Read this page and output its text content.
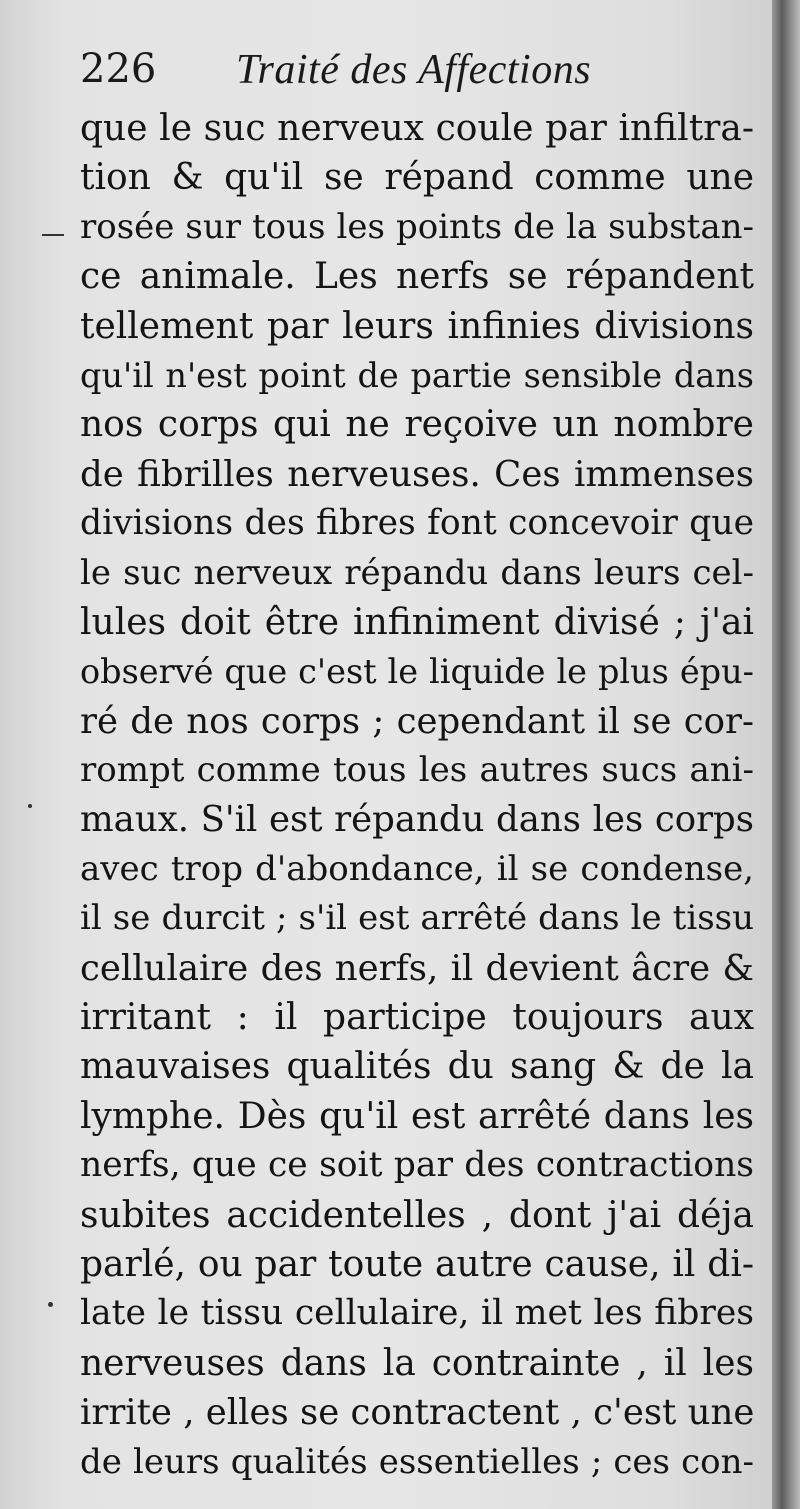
226 Traité des Affections
que le suc nerveux coule par infiltra-
tion & qu'il se répand comme une
rosée sur tous les points de la substan-
ce animale. Les nerfs se répandent
tellement par leurs infinies divisions
qu'il n'est point de partie sensible dans
nos corps qui ne reçoive un nombre
de fibrilles nerveuses. Ces immenses
divisions des fibres font concevoir que
le suc nerveux répandu dans leurs cel-
lules doit être infiniment divisé ; j'ai
observé que c'est le liquide le plus épu-
ré de nos corps ; cependant il se cor-
rompt comme tous les autres sucs ani-
maux. S'il est répandu dans les corps
avec trop d'abondance, il se condense,
il se durcit ; s'il est arrêté dans le tissu
cellulaire des nerfs, il devient âcre &
irritant : il participe toujours aux
mauvaises qualités du sang & de la
lymphe. Dès qu'il est arrêté dans les
nerfs, que ce soit par des contractions
subites accidentelles , dont j'ai déja
parlé, ou par toute autre cause, il di-
late le tissu cellulaire, il met les fibres
nerveuses dans la contrainte , il les
irrite , elles se contractent , c'est une
de leurs qualités essentielles ; ces con-
